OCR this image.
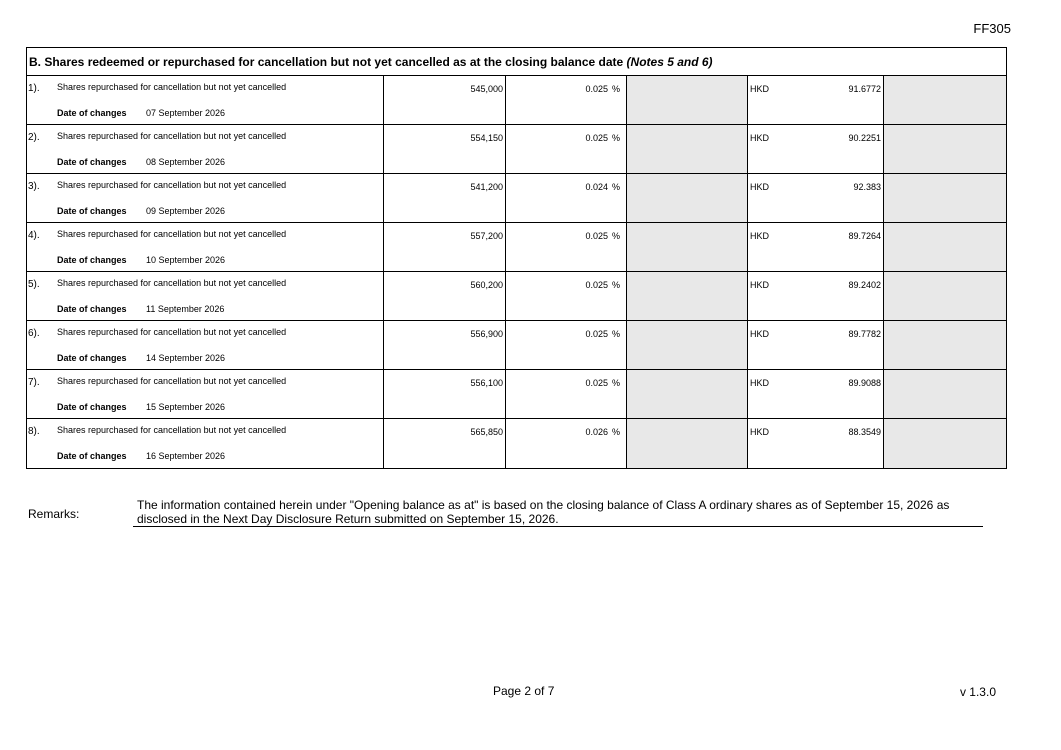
FF305
B. Shares redeemed or repurchased for cancellation but not yet cancelled as at the closing balance date (Notes 5 and 6)
1). Shares repurchased for cancellation but not yet cancelled
Date of changes 07 September 2026
545,000	0.025 %	HKD	91.6772
2). Shares repurchased for cancellation but not yet cancelled
Date of changes 08 September 2026
554,150	0.025 %	HKD	90.2251
3). Shares repurchased for cancellation but not yet cancelled
Date of changes 09 September 2026
541,200	0.024 %	HKD	92.383
4). Shares repurchased for cancellation but not yet cancelled
Date of changes 10 September 2026
557,200	0.025 %	HKD	89.7264
5). Shares repurchased for cancellation but not yet cancelled
Date of changes 11 September 2026
560,200	0.025 %	HKD	89.2402
6). Shares repurchased for cancellation but not yet cancelled
Date of changes 14 September 2026
556,900	0.025 %	HKD	89.7782
7). Shares repurchased for cancellation but not yet cancelled
Date of changes 15 September 2026
556,100	0.025 %	HKD	89.9088
8). Shares repurchased for cancellation but not yet cancelled
Date of changes 16 September 2026
565,850	0.026 %	HKD	88.3549
Remarks:
The information contained herein under "Opening balance as at" is based on the closing balance of Class A ordinary shares as of September 15, 2026 as disclosed in the Next Day Disclosure Return submitted on September 15, 2026.
Page 2 of 7	v 1.3.0
